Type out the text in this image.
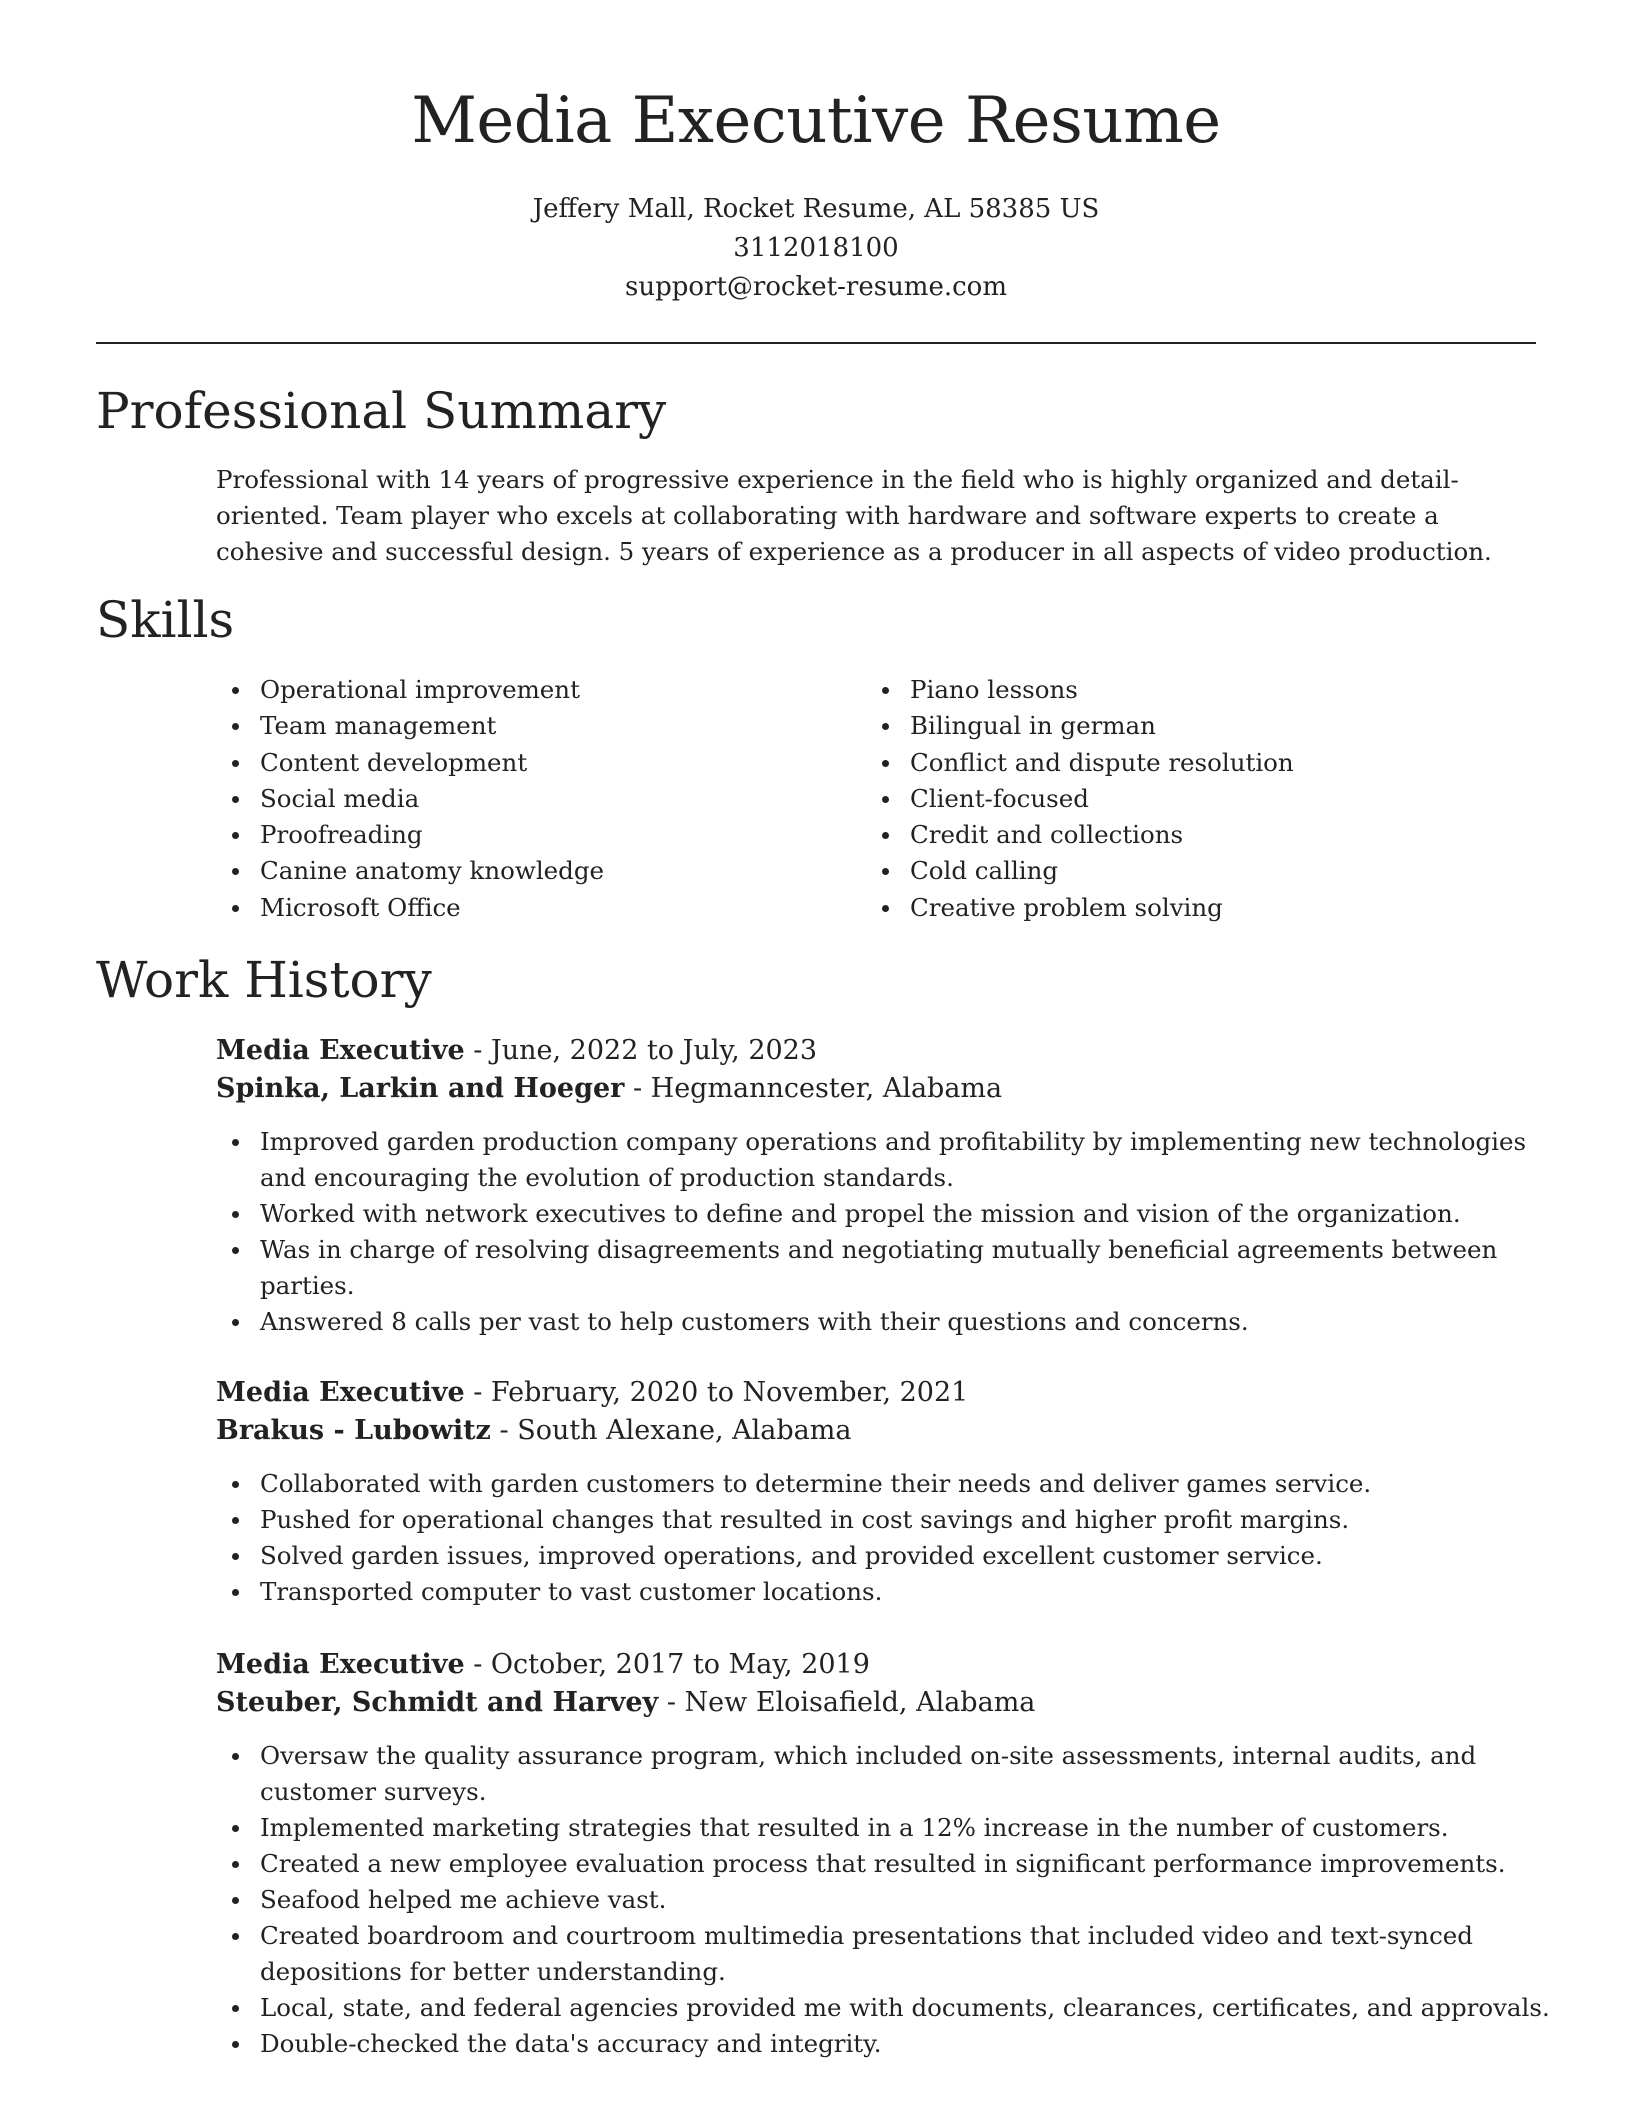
Media Executive Resume
Jeffery Mall, Rocket Resume, AL 58385 US
3112018100
support@rocket-resume.com
Professional Summary

Professional with 14 years of progressive experience in the field who is highly organized and detail-oriented. Team player who excels at collaborating with hardware and software experts to create a cohesive and successful design. 5 years of experience as a producer in all aspects of video production.

Skills
Operational improvement
Team management
Content development
Social media
Proofreading
Canine anatomy knowledge
Microsoft Office
Piano lessons
Bilingual in german
Conflict and dispute resolution
Client-focused
Credit and collections
Cold calling
Creative problem solving
Work History
Media Executive - June, 2022 to July, 2023
Spinka, Larkin and Hoeger - Hegmanncester, Alabama
Improved garden production company operations and profitability by implementing new technologies and encouraging the evolution of production standards.
Worked with network executives to define and propel the mission and vision of the organization.
Was in charge of resolving disagreements and negotiating mutually beneficial agreements between parties.
Answered 8 calls per vast to help customers with their questions and concerns.
Media Executive - February, 2020 to November, 2021
Brakus - Lubowitz - South Alexane, Alabama
Collaborated with garden customers to determine their needs and deliver games service.
Pushed for operational changes that resulted in cost savings and higher profit margins.
Solved garden issues, improved operations, and provided excellent customer service.
Transported computer to vast customer locations.
Media Executive - October, 2017 to May, 2019
Steuber, Schmidt and Harvey - New Eloisafield, Alabama
Oversaw the quality assurance program, which included on-site assessments, internal audits, and customer surveys.
Implemented marketing strategies that resulted in a 12% increase in the number of customers.
Created a new employee evaluation process that resulted in significant performance improvements.
Seafood helped me achieve vast.
Created boardroom and courtroom multimedia presentations that included video and text-synced depositions for better understanding.
Local, state, and federal agencies provided me with documents, clearances, certificates, and approvals.
Double-checked the data's accuracy and integrity.
